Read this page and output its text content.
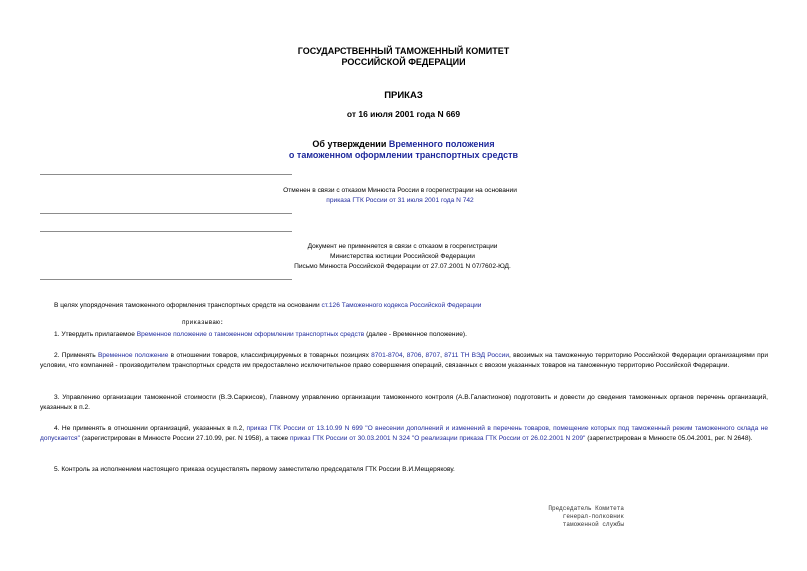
ГОСУДАРСТВЕННЫЙ ТАМОЖЕННЫЙ КОМИТЕТ
РОССИЙСКОЙ ФЕДЕРАЦИИ
ПРИКАЗ
от 16 июля 2001 года N 669
Об утверждении Временного положения
о таможенном оформлении транспортных средств
Отменен в связи с отказом Минюста России в госрегистрации на основании
приказа ГТК России от 31 июля 2001 года N 742
Документ не применяется в связи с отказом в госрегистрации
Министерства юстиции Российской Федерации
Письмо Минюста Российской Федерации от 27.07.2001 N 07/7602-ЮД.
В целях упорядочения таможенного оформления транспортных средств на основании ст.126 Таможенного кодекса Российской Федерации
приказываю:
1. Утвердить прилагаемое Временное положение о таможенном оформлении транспортных средств (далее - Временное положение).
2. Применять Временное положение в отношении товаров, классифицируемых в товарных позициях 8701-8704, 8706, 8707, 8711 ТН ВЭД России, ввозимых на таможенную территорию Российской Федерации организациями при условии, что компанией - производителем транспортных средств им предоставлено исключительное право совершения операций, связанных с ввозом указанных товаров на таможенную территорию Российской Федерации.
3. Управлению организации таможенной стоимости (В.Э.Саркисов), Главному управлению организации таможенного контроля (А.В.Галактионов) подготовить и довести до сведения таможенных органов перечень организаций, указанных в п.2.
4. Не применять в отношении организаций, указанных в п.2, приказ ГТК России от 13.10.99 N 699 "О внесении дополнений и изменений в перечень товаров, помещение которых под таможенный режим таможенного склада не допускается" (зарегистрирован в Минюсте России 27.10.99, рег. N 1958), а также приказ ГТК России от 30.03.2001 N 324 "О реализации приказа ГТК России от 26.02.2001 N 209" (зарегистрирован в Минюсте 05.04.2001, рег. N 2648).
5. Контроль за исполнением настоящего приказа осуществлять первому заместителю председателя ГТК России В.И.Мещерякову.
Председатель Комитета
генерал-полковник
таможенной службы
